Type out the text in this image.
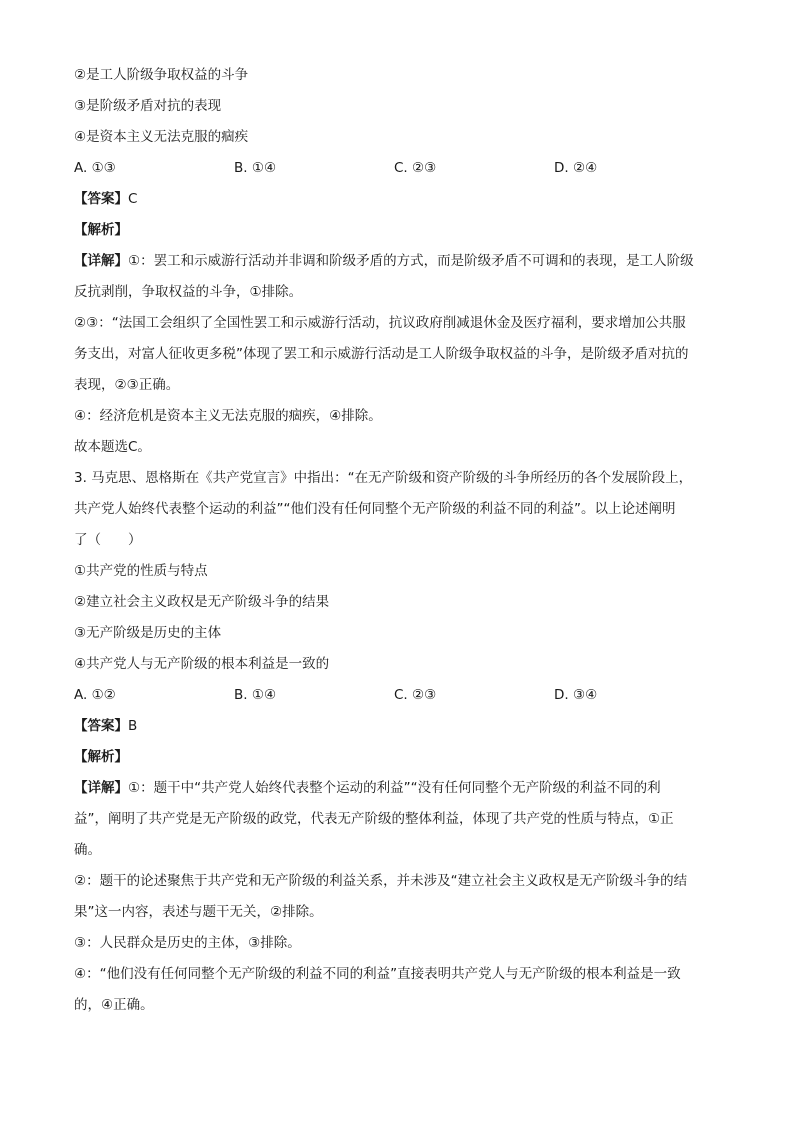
②是工人阶级争取权益的斗争
③是阶级矛盾对抗的表现
④是资本主义无法克服的痼疾
A. ①③	B. ①④	C. ②③	D. ②④
【答案】C
【解析】
【详解】①：罢工和示威游行活动并非调和阶级矛盾的方式，而是阶级矛盾不可调和的表现，是工人阶级
反抗剥削，争取权益的斗争，①排除。
②③：“法国工会组织了全国性罢工和示威游行活动，抗议政府削减退休金及医疗福利，要求增加公共服
务支出，对富人征收更多税”体现了罢工和示威游行活动是工人阶级争取权益的斗争，是阶级矛盾对抗的
表现，②③正确。
④：经济危机是资本主义无法克服的痼疾，④排除。
故本题选C。
3. 马克思、恩格斯在《共产党宣言》中指出：“在无产阶级和资产阶级的斗争所经历的各个发展阶段上，
共产党人始终代表整个运动的利益”“他们没有任何同整个无产阶级的利益不同的利益”。以上论述阐明
了（　　）
①共产党的性质与特点
②建立社会主义政权是无产阶级斗争的结果
③无产阶级是历史的主体
④共产党人与无产阶级的根本利益是一致的
A. ①②	B. ①④	C. ②③	D. ③④
【答案】B
【解析】
【详解】①：题干中“共产党人始终代表整个运动的利益”“没有任何同整个无产阶级的利益不同的利
益”，阐明了共产党是无产阶级的政党，代表无产阶级的整体利益，体现了共产党的性质与特点，①正
确。
②：题干的论述聚焦于共产党和无产阶级的利益关系，并未涉及“建立社会主义政权是无产阶级斗争的结
果”这一内容，表述与题干无关，②排除。
③：人民群众是历史的主体，③排除。
④：“他们没有任何同整个无产阶级的利益不同的利益”直接表明共产党人与无产阶级的根本利益是一致
的，④正确。
